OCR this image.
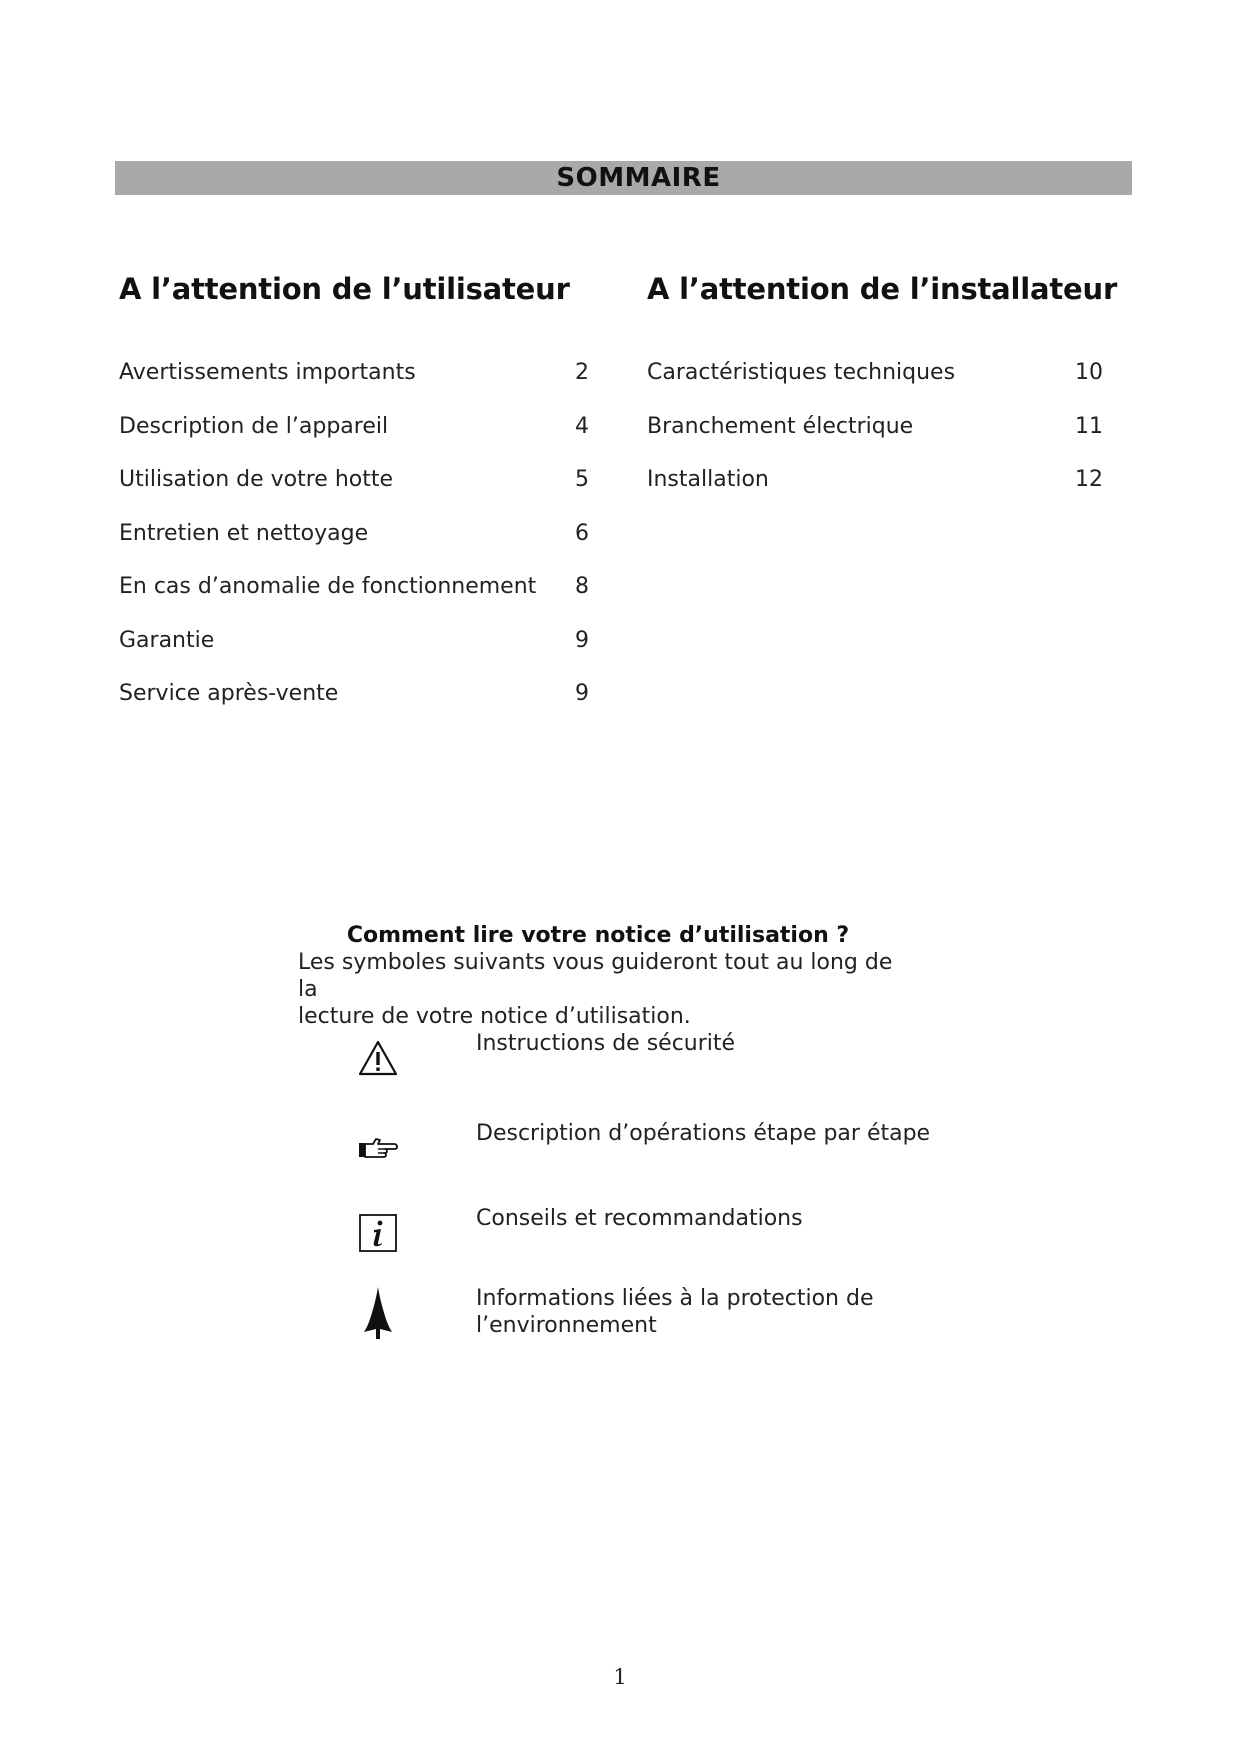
SOMMAIRE
A l’attention de l’utilisateur	A l’attention de l’installateur
Avertissements importants	2
Description de l’appareil	4
Utilisation de votre hotte	5
Entretien et nettoyage	6
En cas d’anomalie de fonctionnement	8
Garantie	9
Service après-vente	9
Caractéristiques techniques	10
Branchement électrique	11
Installation	12
Comment lire votre notice d’utilisation ?
Les symboles suivants vous guideront tout au long de la
lecture de votre notice d’utilisation.
Instructions de sécurité
Description d’opérations étape par étape
Conseils et recommandations
Informations liées à la protection de
l’environnement
1
